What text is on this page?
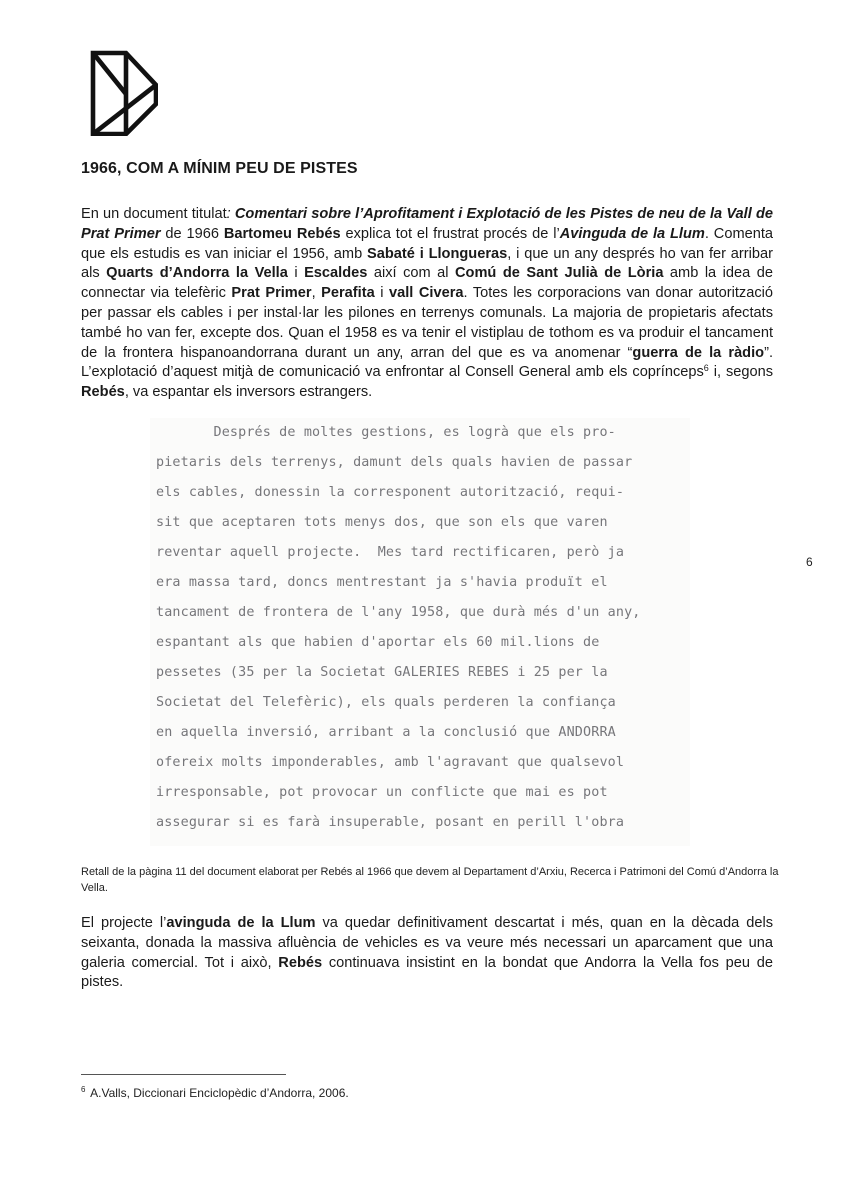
1966, COM A MÍNIM PEU DE PISTES

En un document titulat: Comentari sobre l’Aprofitament i Explotació de les Pistes de neu de la Vall de Prat Primer de 1966 Bartomeu Rebés explica tot el frustrat procés de l’Avinguda de la Llum. Comenta que els estudis es van iniciar el 1956, amb Sabaté i Llongueras, i que un any després ho van fer arribar als Quarts d’Andorra la Vella i Escaldes així com al Comú de Sant Julià de Lòria amb la idea de connectar via telefèric Prat Primer, Perafita i vall Civera. Totes les corporacions van donar autorització per passar els cables i per instal·lar les pilones en terrenys comunals. La majoria de propietaris afectats també ho van fer, excepte dos. Quan el 1958 es va tenir el vistiplau de tothom es va produir el tancament de la frontera hispanoandorrana durant un any, arran del que es va anomenar “guerra de la ràdio”. L’explotació d’aquest mitjà de comunicació va enfrontar al Consell General amb els coprínceps$^6$ i, segons Rebés, va espantar els inversors estrangers.

6
Després de moltes gestions, es logrà que els pro-
pietaris dels terrenys, damunt dels quals havien de passar
els cables, donessin la corresponent autorització, requi-
sit que aceptaren tots menys dos, que son els que varen
reventar aquell projecte.  Mes tard rectificaren, però ja
era massa tard, doncs mentrestant ja s'havia produït el
tancament de frontera de l'any 1958, que durà més d'un any,
espantant als que habien d'aportar els 60 mil.lions de
pessetes (35 per la Societat GALERIES REBES i 25 per la
Societat del Telefèric), els quals perderen la confiança
en aquella inversió, arribant a la conclusió que ANDORRA
ofereix molts imponderables, amb l'agravant que qualsevol
irresponsable, pot provocar un conflicte que mai es pot
assegurar si es farà insuperable, posant en perill l'obra

Retall de la pàgina 11 del document elaborat per Rebés al 1966 que devem al Departament d’Arxiu, Recerca i Patrimoni del Comú d’Andorra la Vella.

El projecte l’avinguda de la Llum va quedar definitivament descartat i més, quan en la dècada dels seixanta, donada la massiva afluència de vehicles es va veure més necessari un aparcament que una galeria comercial. Tot i això, Rebés continuava insistint en la bondat que Andorra la Vella fos peu de pistes.

$^6$ A.Valls, Diccionari Enciclopèdic d’Andorra, 2006.
